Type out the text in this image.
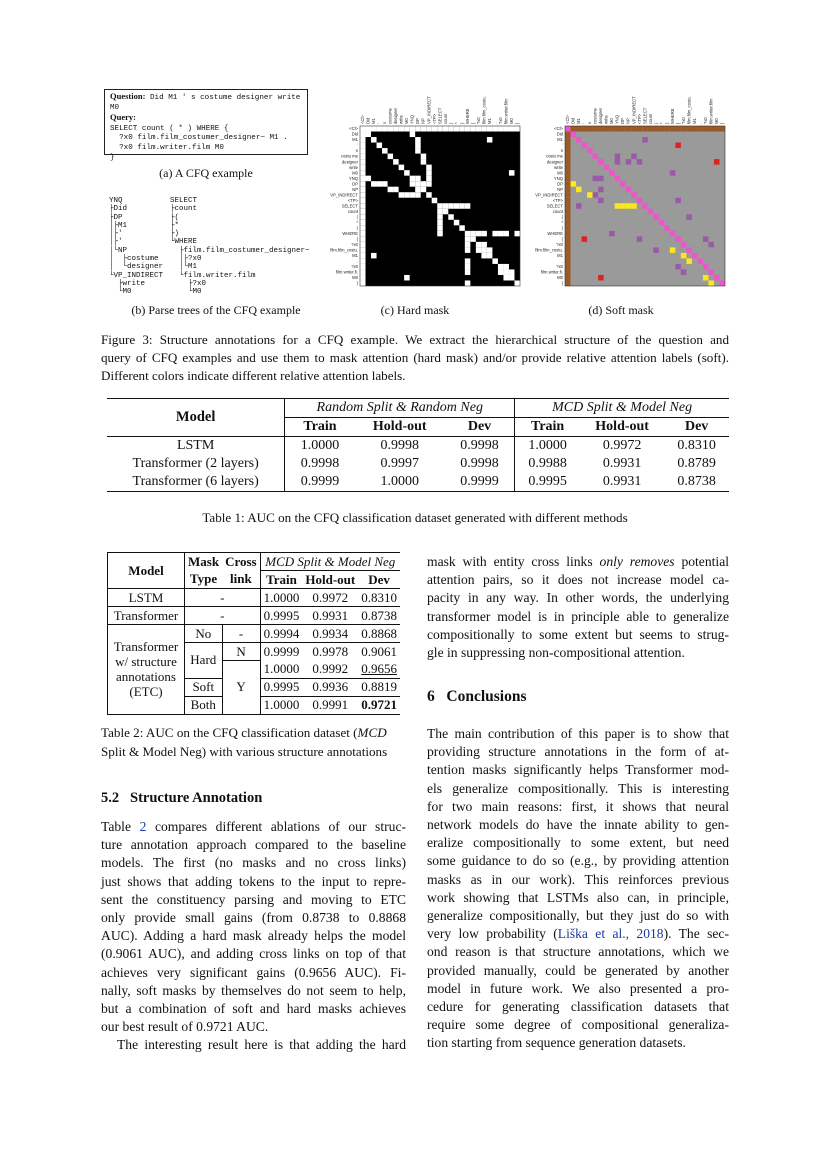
Question: Did M1 ' s costume designer write M0
Query:
SELECT count ( * ) WHERE {
?x0 film.film_costumer_designer~ M1 .
?x0 film.writer.film M0
}
(a) A CFQ example
YNQ
├Did
├DP
│├M1
│├'
│├'
│└NP
│  ├costume
│  └designer
└VP_INDIRECT
├write
└M0
SELECT
├count
├(
├*
├)
└WHERE
├film.film_costumer_designer~
│├?x0
│└M1
└film.writer.film
├?x0
└M0
(b) Parse trees of the CFQ example
<Cl> Did M1 ' s costume designer write M0 YNQ DP NP VP_INDIRECT <TP> SELECT count ( * ) WHERE { ?x0 film.film_costu. M1 . ?x0 film.writer.film M0 }
<Cl>
Did
M1
'
s
costu me
designer
write
M0
YNQ
DP
NP
VP_INDIRECT
<TP>
SELECT
count
(
*
)
WHERE
{
?x0
film.film_costu.
M1
.
?x0
film.writer.fi.
M0
}
(c) Hard mask
<Cl> Did M1 ' s costume designer write M0 YNQ DP NP VP_INDIRECT <TP> SELECT count ( * ) WHERE { ?x0 film.film_costu. M1 . ?x0 film.writer.film M0 }
<Cl>
Did
M1
'
s
costu me
designer
write
M0
YNQ
DP
NP
VP_INDIRECT
<TP>
SELECT
count
(
*
)
WHERE
{
?x0
film.film_costu.
M1
.
?x0
film.writer.fi.
M0
}
(d) Soft mask
Figure 3: Structure annotations for a CFQ example. We extract the hierarchical structure of the question and
query of CFQ examples and use them to mask attention (hard mask) and/or provide relative attention labels (soft).
Different colors indicate different relative attention labels.
Model	Random Split & Random Neg			MCD Split & Model Neg		
	Train	Hold-out	Dev	Train	Hold-out	Dev
LSTM	1.0000	0.9998	0.9998	1.0000	0.9972	0.8310
Transformer (2 layers)	0.9998	0.9997	0.9998	0.9988	0.9931	0.8789
Transformer (6 layers)	0.9999	1.0000	0.9999	0.9995	0.9931	0.8738
Table 1: AUC on the CFQ classification dataset generated with different methods
Model	Mask	Cross	MCD Split & Model Neg		
	Type	link	Train	Hold-out	Dev
LSTM	-		1.0000	0.9972	0.8310
Transformer	-		0.9995	0.9931	0.8738
Transformer
w/ structure
annotations
(ETC)	No	-	0.9994	0.9934	0.8868
	Hard	N	0.9999	0.9978	0.9061
		Y	1.0000	0.9992	0.9656
	Soft		0.9995	0.9936	0.8819
	Both		1.0000	0.9991	0.9721
Table 2: AUC on the CFQ classification dataset (MCD
Split & Model Neg) with various structure annotations
5.2   Structure Annotation
Table 2 compares different ablations of our struc-
ture annotation approach compared to the baseline
models. The first (no masks and no cross links)
just shows that adding tokens to the input to repre-
sent the constituency parsing and moving to ETC
only provide small gains (from 0.8738 to 0.8868
AUC). Adding a hard mask already helps the model
(0.9061 AUC), and adding cross links on top of that
achieves very significant gains (0.9656 AUC). Fi-
nally, soft masks by themselves do not seem to help,
but a combination of soft and hard masks achieves
our best result of 0.9721 AUC.
The interesting result here is that adding the hard
mask with entity cross links only removes potential
attention pairs, so it does not increase model ca-
pacity in any way. In other words, the underlying
transformer model is in principle able to generalize
compositionally to some extent but seems to strug-
gle in suppressing non-compositional attention.
6   Conclusions
The main contribution of this paper is to show that
providing structure annotations in the form of at-
tention masks significantly helps Transformer mod-
els generalize compositionally. This is interesting
for two main reasons: first, it shows that neural
network models do have the innate ability to gen-
eralize compositionally to some extent, but need
some guidance to do so (e.g., by providing attention
masks as in our work). This reinforces previous
work showing that LSTMs also can, in principle,
generalize compositionally, but they just do so with
very low probability (Liška et al., 2018). The sec-
ond reason is that structure annotations, which we
provided manually, could be generated by another
model in future work. We also presented a pro-
cedure for generating classification datasets that
require some degree of compositional generaliza-
tion starting from sequence generation datasets.
